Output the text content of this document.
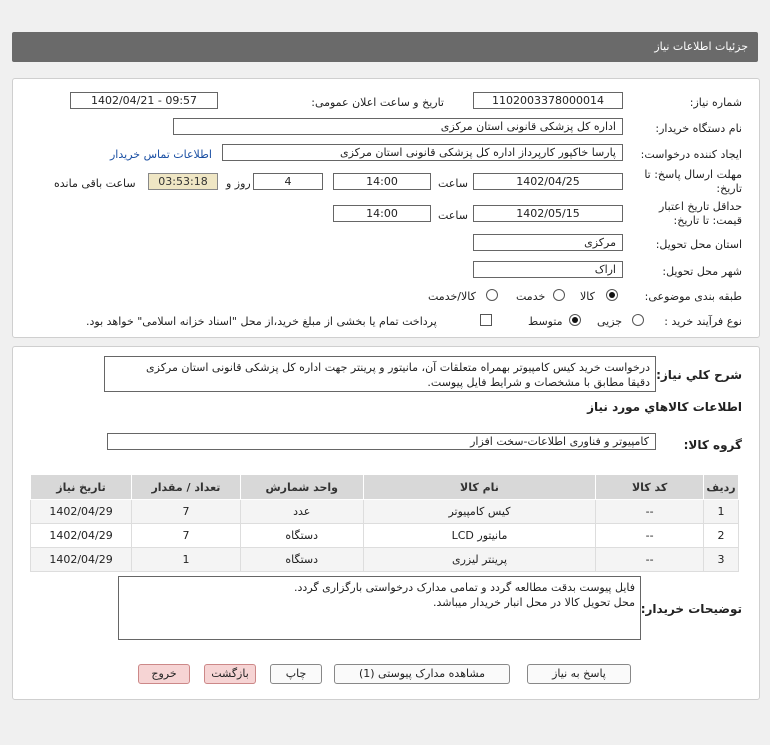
جزئیات اطلاعات نیاز
شماره نیاز:
1102003378000014
تاریخ و ساعت اعلان عمومی:
1402/04/21 - 09:57
نام دستگاه خریدار:
اداره کل پزشکی قانونی استان مرکزی
ایجاد کننده درخواست:
پارسا خاکپور کارپرداز اداره کل پزشکی قانونی استان مرکزی
اطلاعات تماس خریدار
مهلت ارسال پاسخ: تا
تاریخ:
1402/04/25
ساعت
14:00
4
روز و
03:53:18
ساعت باقی مانده
حداقل تاریخ اعتبار
قیمت: تا تاریخ:
1402/05/15
ساعت
14:00
استان محل تحویل:
مرکزی
شهر محل تحویل:
اراک
طبقه بندی موضوعی:
کالا
خدمت
کالا/خدمت
نوع فرآیند خرید :
جزیی
متوسط
پرداخت تمام یا بخشی از مبلغ خرید،از محل "اسناد خزانه اسلامی" خواهد بود.
شرح کلي نياز:
درخواست خرید کیس کامپیوتر بهمراه متعلقات آن، مانیتور و پرینتر جهت اداره کل پزشکی قانونی استان مرکزی
دقیقا مطابق با مشخصات و شرایط فایل پیوست.
اطلاعات کالاهاي مورد نياز
گروه کالا:
کامپیوتر و فناوری اطلاعات-سخت افزار
تاریخ نیاز	تعداد / مقدار	واحد شمارش	نام کالا	کد کالا	ردیف
1402/04/29	7	عدد	کیس کامپیوتر	--	1
1402/04/29	7	دستگاه	مانیتور LCD	--	2
1402/04/29	1	دستگاه	پرینتر لیزری	--	3
توضیحات خریدار:
فایل پیوست بدقت مطالعه گردد و تمامی مدارک درخواستی بارگزاری گردد.
محل تحویل کالا در محل انبار خریدار میباشد.
پاسخ به نیاز
مشاهده مدارک پیوستی (1)
چاپ
بازگشت
خروج
